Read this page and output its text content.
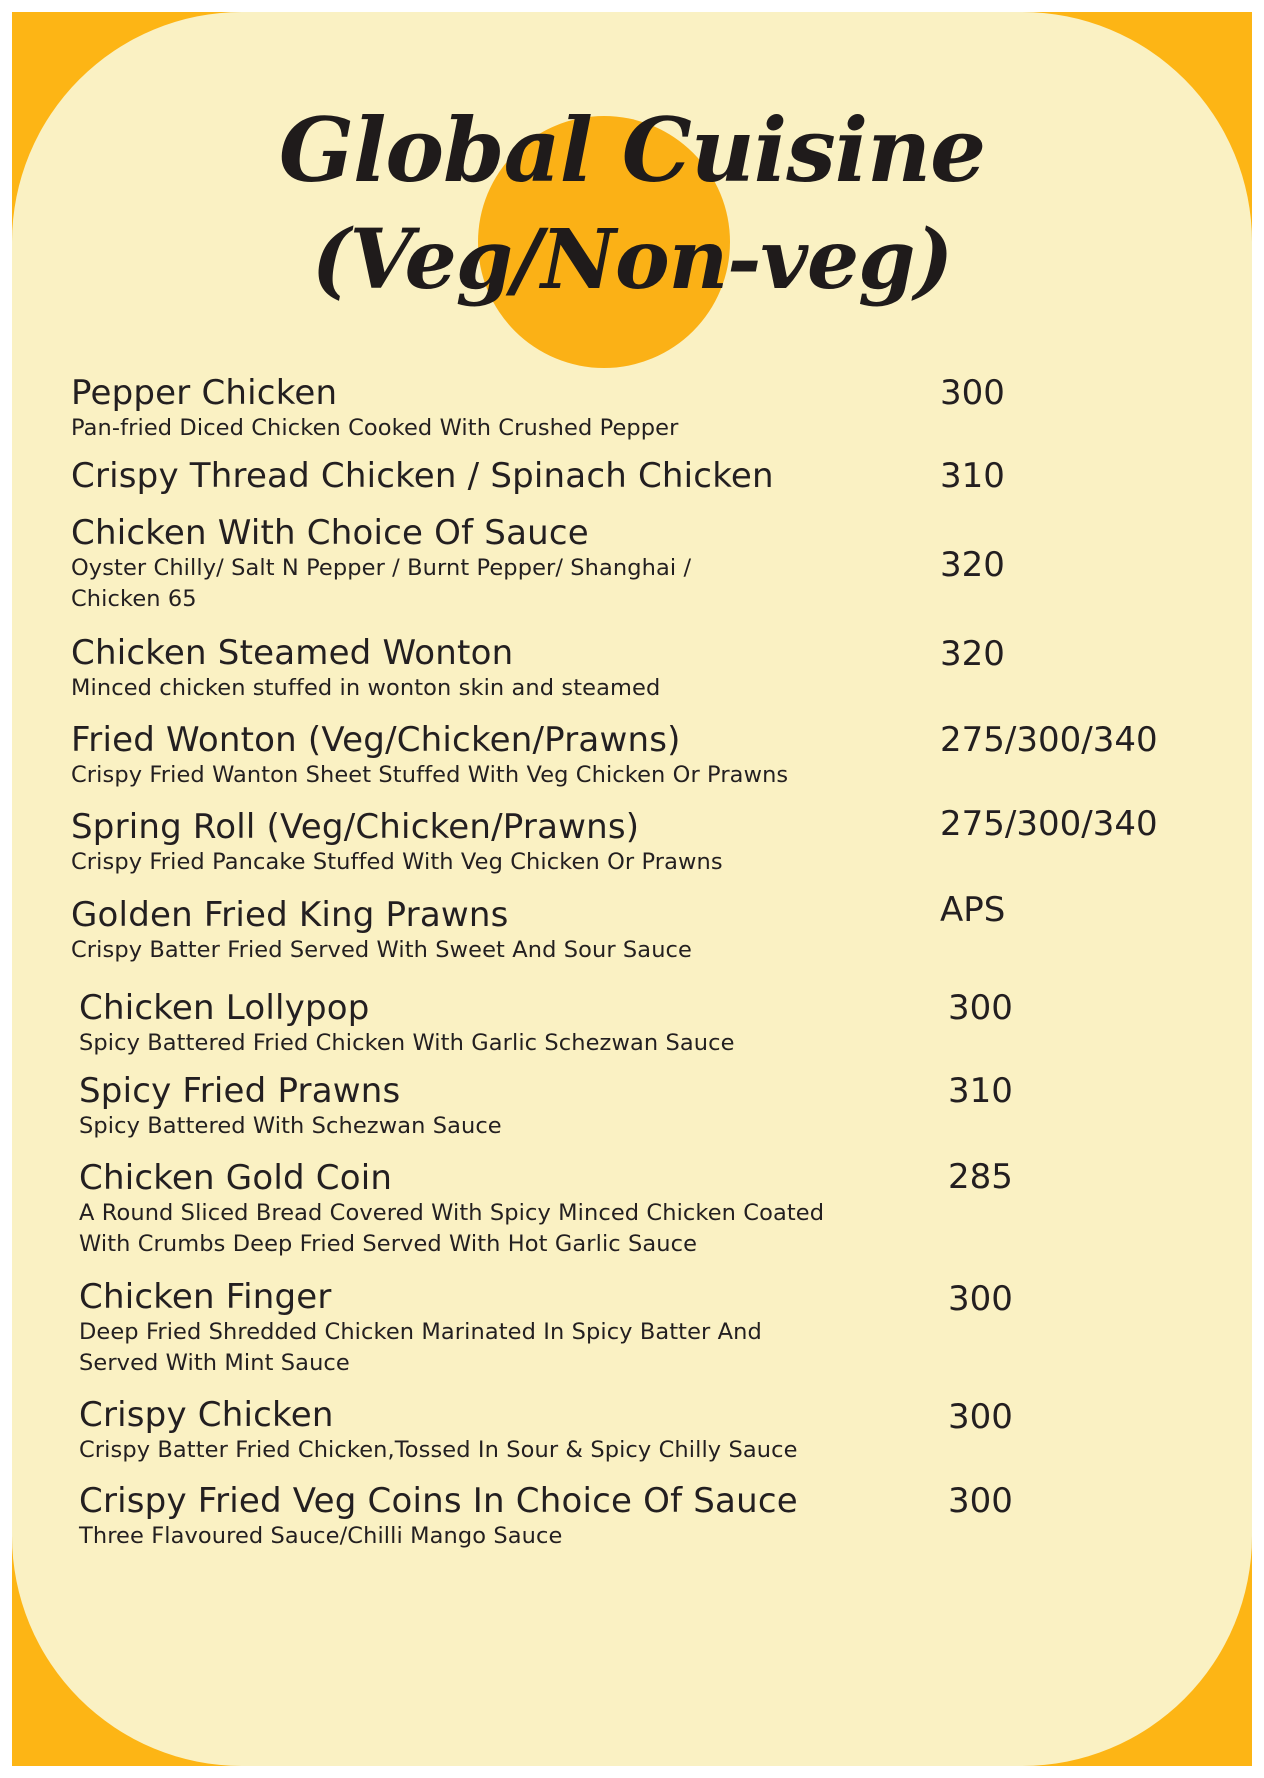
Global Cuisine
(Veg/Non-veg)
Pepper Chicken
Pan-fried Diced Chicken Cooked With Crushed Pepper
300
Crispy Thread Chicken / Spinach Chicken	310
Chicken With Choice Of Sauce
Oyster Chilly/ Salt N Pepper / Burnt Pepper/ Shanghai / Chicken 65
320
Chicken Steamed Wonton
Minced chicken stuffed in wonton skin and steamed
320
Fried Wonton (Veg/Chicken/Prawns)
Crispy Fried Wanton Sheet Stuffed With Veg Chicken Or Prawns
275/300/340
Spring Roll (Veg/Chicken/Prawns)
Crispy Fried Pancake Stuffed With Veg Chicken Or Prawns
275/300/340
Golden Fried King Prawns
Crispy Batter Fried Served With Sweet And Sour Sauce
APS
Chicken Lollypop
Spicy Battered Fried Chicken With Garlic Schezwan Sauce
300
Spicy Fried Prawns
Spicy Battered With Schezwan Sauce
310
Chicken Gold Coin
A Round Sliced Bread Covered With Spicy Minced Chicken Coated With Crumbs Deep Fried Served With Hot Garlic Sauce
285
Chicken Finger
Deep Fried Shredded Chicken Marinated In Spicy Batter And Served With Mint Sauce
300
Crispy Chicken
Crispy Batter Fried Chicken,Tossed In Sour & Spicy Chilly Sauce
300
Crispy Fried Veg Coins In Choice Of Sauce
Three Flavoured Sauce/Chilli Mango Sauce
300
